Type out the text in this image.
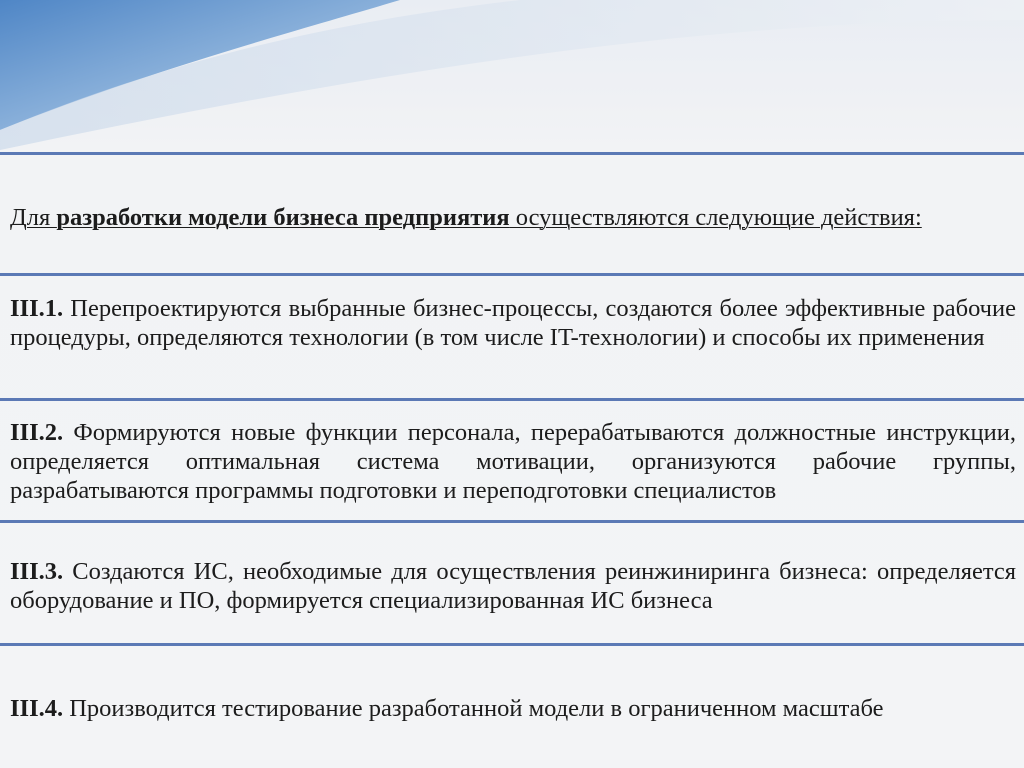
Для разработки модели бизнеса предприятия осуществляются следующие действия:

III.1. Перепроектируются выбранные бизнес-процессы, создаются более эффективные рабочие процедуры, определяются технологии (в том числе IT-технологии) и способы их применения

III.2. Формируются новые функции персонала, перерабатываются должностные инструкции, определяется оптимальная система мотивации, организуются рабочие группы, разрабатываются программы подготовки и переподготовки специалистов

III.3. Создаются ИС, необходимые для осуществления реинжиниринга бизнеса: определяется оборудование и ПО, формируется специализированная ИС бизнеса

III.4. Производится тестирование разработанной модели в ограниченном масштабе
